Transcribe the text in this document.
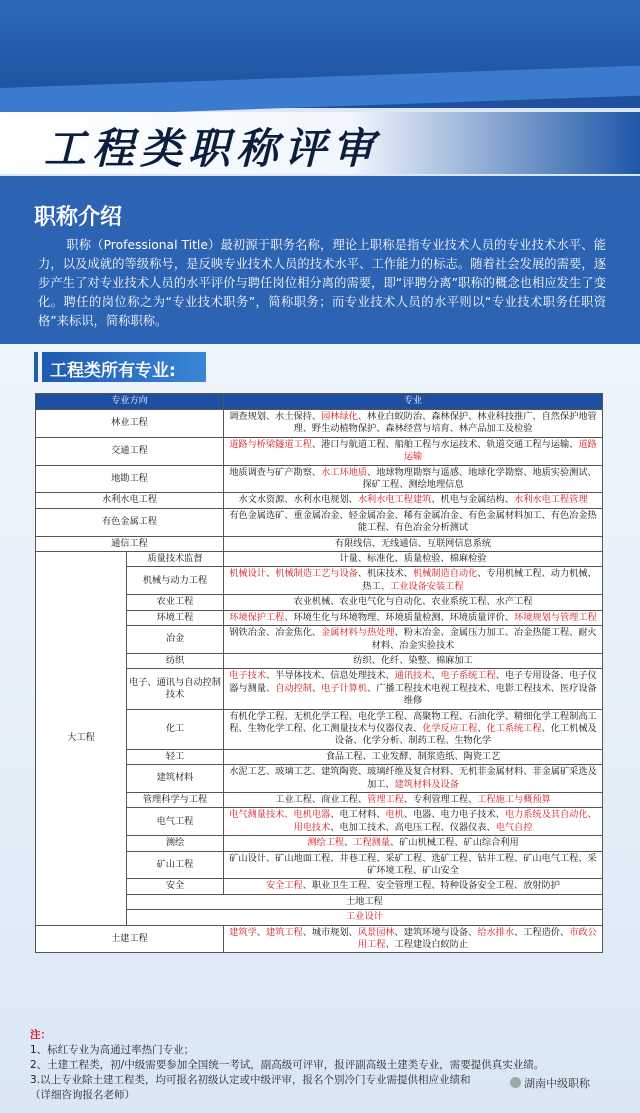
工程类职称评审
职称介绍

职称（Professional Title）最初源于职务名称，理论上职称是指专业技术人员的专业技术水平、能力，以及成就的等级称号，是反映专业技术人员的技术水平、工作能力的标志。随着社会发展的需要，逐步产生了对专业技术人员的水平评价与聘任岗位相分离的需要，即“评聘分离”职称的概念也相应发生了变化。聘任的岗位称之为“专业技术职务”，简称职务；而专业技术人员的水平则以“专业技术职务任职资格”来标识，简称职称。

工程类所有专业:
专业方向		专业
林业工程		调查规划、水土保持、园林绿化、林业白蚁防治、森林保护、林业科技推广、自然保护地管理、野生动植物保护、森林经营与培育、林产品加工及检验
交通工程		道路与桥梁隧道工程、港口与航道工程、船舶工程与水运技术、轨道交通工程与运输、道路运输
地勘工程		地质调查与矿产勘察、水工环地质、地球物理勘察与遥感、地球化学勘察、地质实验测试、探矿工程、测绘地理信息
水利水电工程		水文水资源、水利水电规划、水利水电工程建筑、机电与金属结构、水利水电工程管理
有色金属工程		有色金属选矿、重金属冶金、轻金属冶金、稀有金属冶金、有色金属材料加工、有色冶金热能工程、有色冶金分析测试
通信工程		有限线信、无线通信、互联网信息系统
大工程	质量技术监督	计量、标准化、质量检验、棉麻检验
	机械与动力工程	机械设计、机械制造工艺与设备、机床技术、机械制造自动化、专用机械工程、动力机械、热工、工业设备安装工程
	农业工程	农业机械、农业电气化与自动化、农业系统工程、水产工程
	环境工程	环境保护工程、环境生化与环境物理、环境质量检测、环境质量评价、环境规划与管理工程
	冶金	钢铁冶金、冶金焦化、金属材料与热处理、粉末冶金、金属压力加工、冶金热能工程、耐火材料、冶金实验技术
	纺织	纺织、化纤、染整、棉麻加工
	电子、通讯与自动控制技术	电子技术、半导体技术、信息处理技术、通讯技术、电子系统工程、电子专用设备、电子仪器与测量、自动控制、电子计算机、广播工程技术电视工程技术、电影工程技术、医疗设备维修
	化工	有机化学工程、无机化学工程、电化学工程、高聚物工程、石油化学、精细化学工程制高工程、生物化学工程、化工测量技术与仪器仪表、化学反应工程、化工系统工程、化工机械及设备、化学分析、制药工程、生物化学
	轻工	食品工程、工业发酵、制浆造纸、陶瓷工艺
	建筑材料	水泥工艺、玻璃工艺、建筑陶瓷、玻璃纤维及复合材料、无机非金属材料、非金属矿采选及加工、建筑材料及设备
	管理科学与工程	工业工程、商业工程、管理工程、专利管理工程、工程施工与概预算
	电气工程	电气测量技术、电机电器、电工材料、电机、电器、电力电子技术、电力系统及其自动化、用电技术、电加工技术、高电压工程、仪器仪表、电气自控
	测绘	测绘工程、工程测量、矿山机械工程、矿山综合利用
	矿山工程	矿山设计、矿山地面工程、井巷工程、采矿工程、选矿工程、钻井工程、矿山电气工程、采矿环境工程、矿山安全
	安全	安全工程、职业卫生工程、安全管理工程、特种设备安全工程、放射防护
	土地工程	
	工业设计	
土建工程		建筑学、建筑工程、城市规划、风景园林、建筑环境与设备、给水排水、工程造价、市政公用工程、工程建设白蚁防止
注：
1、标红专业为高通过率热门专业；
2、土建工程类，初/中级需要参加全国统一考试，副高级可评审，报评副高级土建类专业，需要提供真实业绩。
3.以上专业除土建工程类，均可报名初级认定或中级评审，报名个别冷门专业需提供相应业绩和
（详细咨询报名老师）
湖南中级职称
